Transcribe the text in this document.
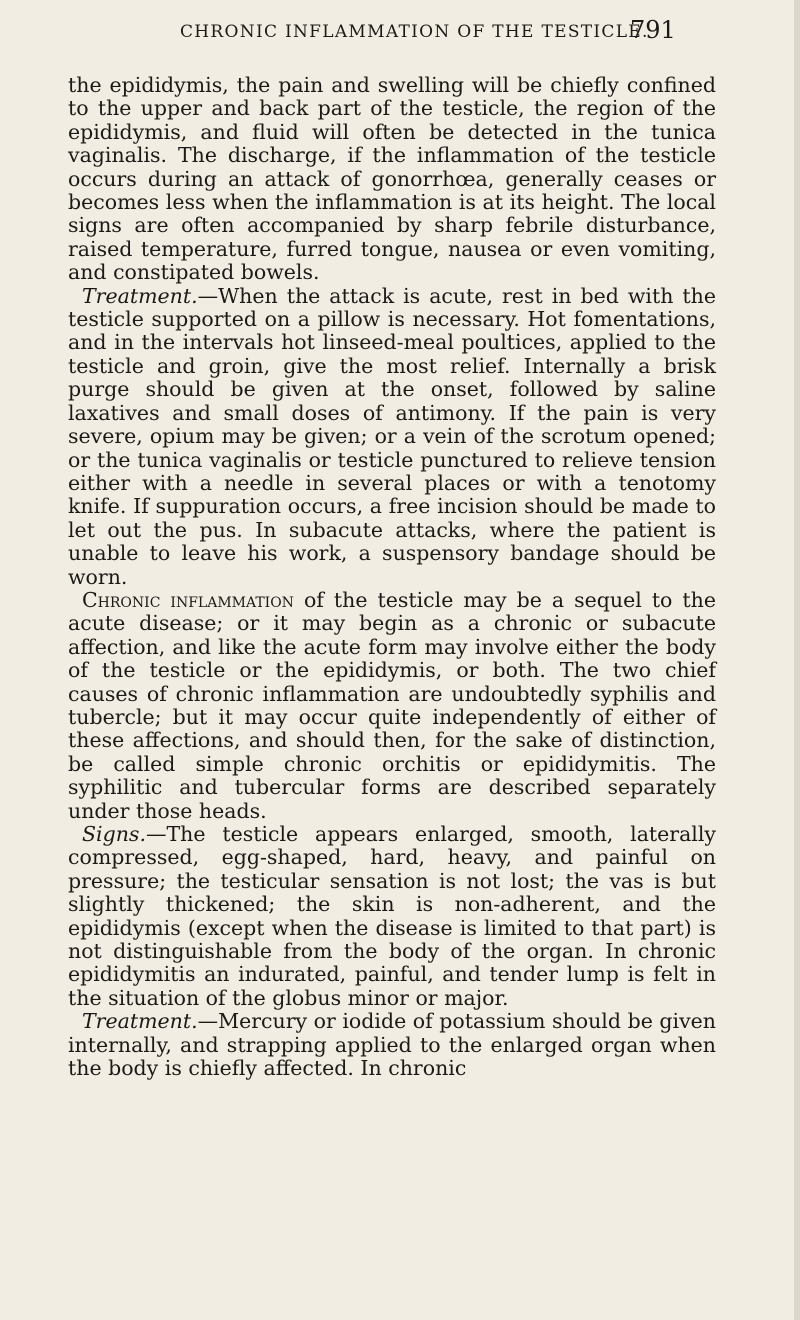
CHRONIC INFLAMMATION OF THE TESTICLE.
791

the epididymis, the pain and swelling will be chiefly confined to the upper and back part of the testicle, the region of the epididymis, and fluid will often be detected in the tunica vaginalis. The discharge, if the inflammation of the testicle occurs during an attack of gonorrhœa, generally ceases or becomes less when the inflammation is at its height. The local signs are often accompanied by sharp febrile disturbance, raised temperature, furred tongue, nausea or even vomiting, and constipated bowels.

Treatment.—When the attack is acute, rest in bed with the testicle supported on a pillow is necessary. Hot fomentations, and in the intervals hot linseed-meal poultices, applied to the testicle and groin, give the most relief. Internally a brisk purge should be given at the onset, followed by saline laxatives and small doses of antimony. If the pain is very severe, opium may be given; or a vein of the scrotum opened; or the tunica vaginalis or testicle punctured to relieve tension either with a needle in several places or with a tenotomy knife. If suppuration occurs, a free incision should be made to let out the pus. In subacute attacks, where the patient is unable to leave his work, a suspensory bandage should be worn.

Chronic inflammation of the testicle may be a sequel to the acute disease; or it may begin as a chronic or subacute affection, and like the acute form may involve either the body of the testicle or the epididymis, or both. The two chief causes of chronic inflammation are undoubtedly syphilis and tubercle; but it may occur quite independently of either of these affections, and should then, for the sake of distinction, be called simple chronic orchitis or epididymitis. The syphilitic and tubercular forms are described separately under those heads.

Signs.—The testicle appears enlarged, smooth, laterally compressed, egg-shaped, hard, heavy, and painful on pressure; the testicular sensation is not lost; the vas is but slightly thickened; the skin is non-adherent, and the epididymis (except when the disease is limited to that part) is not distinguishable from the body of the organ. In chronic epididymitis an indurated, painful, and tender lump is felt in the situation of the globus minor or major.

Treatment.—Mercury or iodide of potassium should be given internally, and strapping applied to the enlarged organ when the body is chiefly affected. In chronic
